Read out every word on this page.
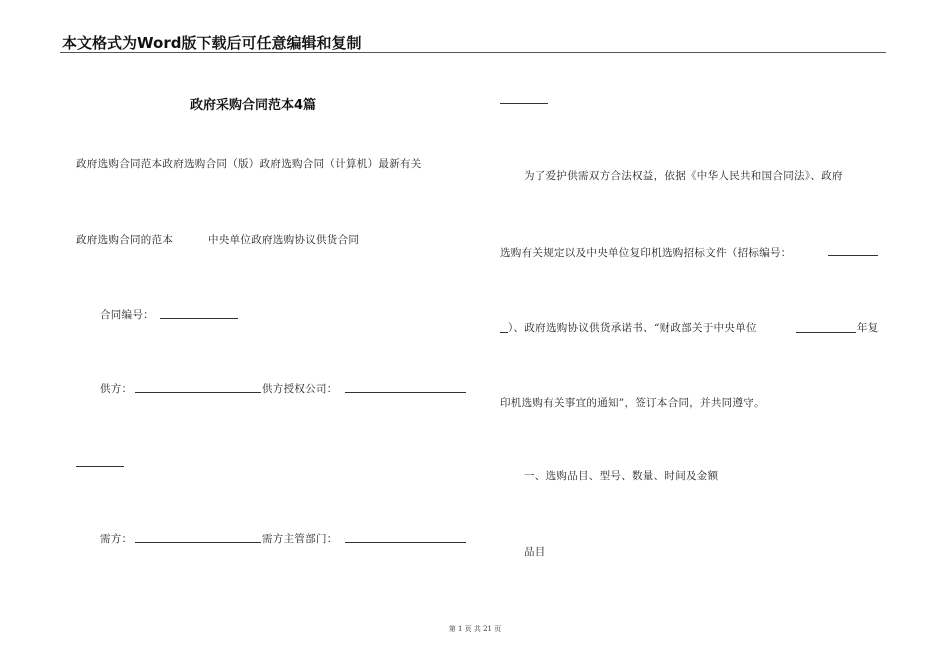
本文格式为Word版下载后可任意编辑和复制
政府采购合同范本4篇
政府选购合同范本政府选购合同（版）政府选购合同（计算机）最新有关
政府选购合同的范本	中央单位政府选购协议供货合同
合同编号：
供方：	供方授权公司：
需方：	需方主管部门：
为了爱护供需双方合法权益，依据《中华人民共和国合同法》、政府
选购有关规定以及中央单位复印机选购招标文件（招标编号：
）、政府选购协议供货承诺书、“财政部关于中央单位	年复
印机选购有关事宜的通知”，签订本合同，并共同遵守。
一、选购品目、型号、数量、时间及金额
品目
第 1 页 共 21 页
